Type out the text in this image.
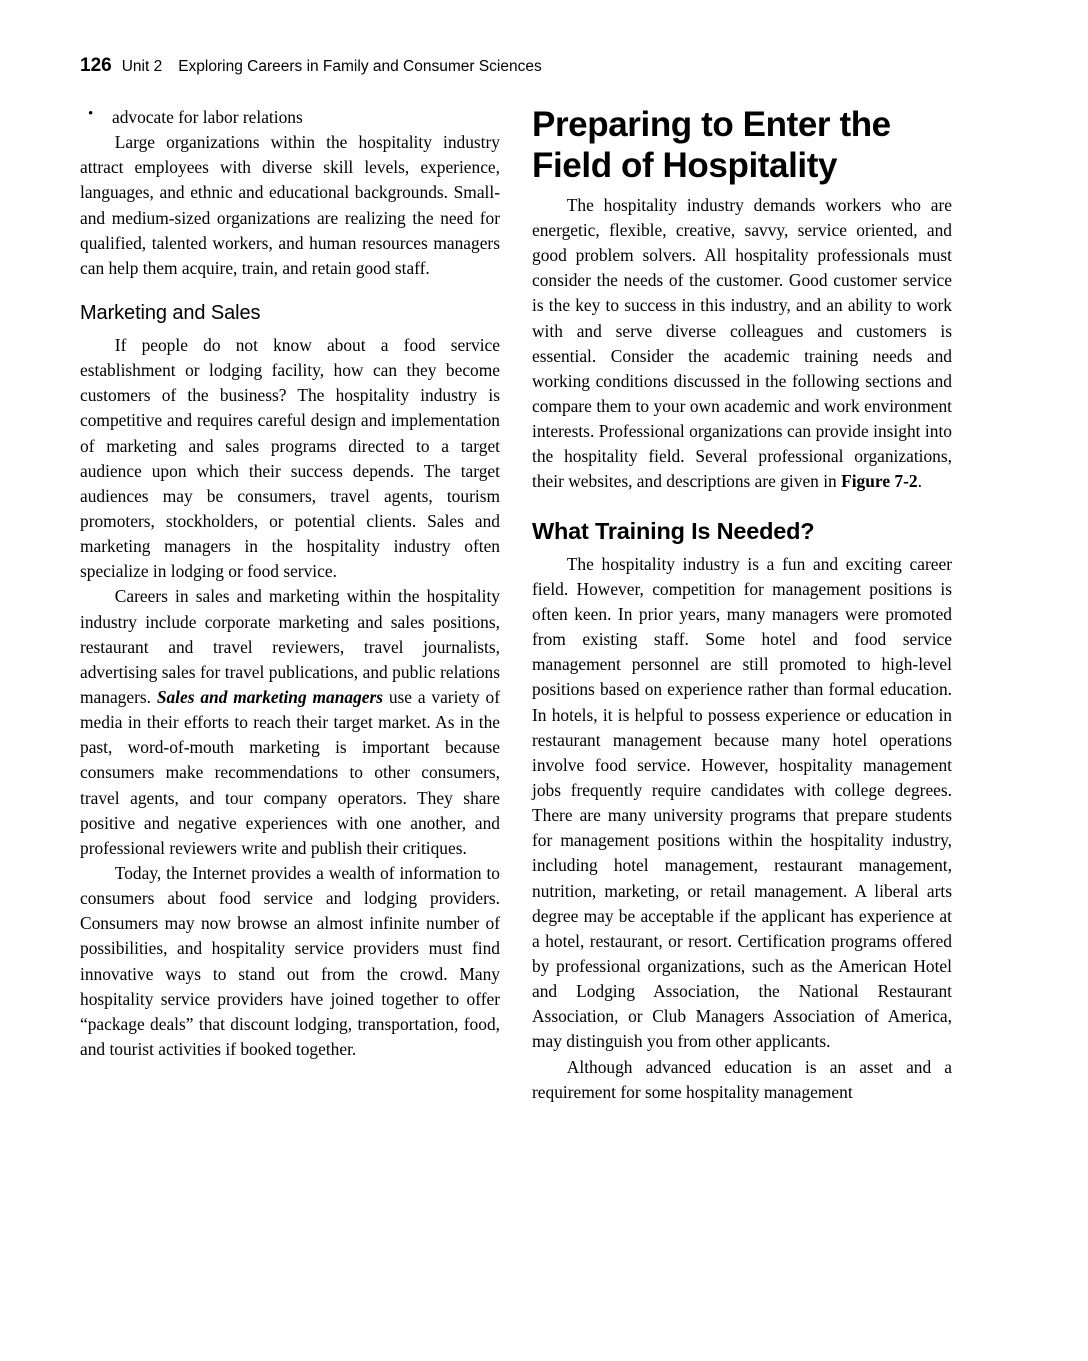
126 Unit 2 Exploring Careers in Family and Consumer Sciences
• advocate for labor relations

Large organizations within the hospitality industry attract employees with diverse skill levels, experience, languages, and ethnic and educational backgrounds. Small- and medium-sized organizations are realizing the need for qualified, talented workers, and human resources managers can help them acquire, train, and retain good staff.

Marketing and Sales

If people do not know about a food service establishment or lodging facility, how can they become customers of the business? The hospitality industry is competitive and requires careful design and implementation of marketing and sales programs directed to a target audience upon which their success depends. The target audiences may be consumers, travel agents, tourism promoters, stockholders, or potential clients. Sales and marketing managers in the hospitality industry often specialize in lodging or food service.

Careers in sales and marketing within the hospitality industry include corporate marketing and sales positions, restaurant and travel reviewers, travel journalists, advertising sales for travel publications, and public relations managers. Sales and marketing managers use a variety of media in their efforts to reach their target market. As in the past, word-of-mouth marketing is important because consumers make recommendations to other consumers, travel agents, and tour company operators. They share positive and negative experiences with one another, and professional reviewers write and publish their critiques.

Today, the Internet provides a wealth of information to consumers about food service and lodging providers. Consumers may now browse an almost infinite number of possibilities, and hospitality service providers must find innovative ways to stand out from the crowd. Many hospitality service providers have joined together to offer “package deals” that discount lodging, transportation, food, and tourist activities if booked together.

Preparing to Enter the Field of Hospitality

The hospitality industry demands workers who are energetic, flexible, creative, savvy, service oriented, and good problem solvers. All hospitality professionals must consider the needs of the customer. Good customer service is the key to success in this industry, and an ability to work with and serve diverse colleagues and customers is essential. Consider the academic training needs and working conditions discussed in the following sections and compare them to your own academic and work environment interests. Professional organizations can provide insight into the hospitality field. Several professional organizations, their websites, and descriptions are given in Figure 7-2.

What Training Is Needed?

The hospitality industry is a fun and exciting career field. However, competition for management positions is often keen. In prior years, many managers were promoted from existing staff. Some hotel and food service management personnel are still promoted to high-level positions based on experience rather than formal education. In hotels, it is helpful to possess experience or education in restaurant management because many hotel operations involve food service. However, hospitality management jobs frequently require candidates with college degrees. There are many university programs that prepare students for management positions within the hospitality industry, including hotel management, restaurant management, nutrition, marketing, or retail management. A liberal arts degree may be acceptable if the applicant has experience at a hotel, restaurant, or resort. Certification programs offered by professional organizations, such as the American Hotel and Lodging Association, the National Restaurant Association, or Club Managers Association of America, may distinguish you from other applicants.

Although advanced education is an asset and a requirement for some hospitality management
